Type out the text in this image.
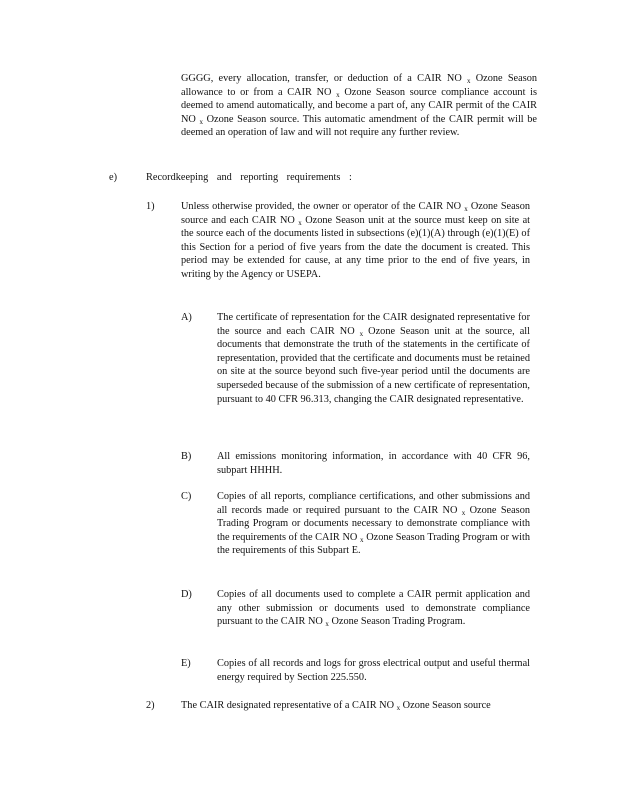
GGGG, every allocation, transfer, or deduction of a CAIR NO $_x$ Ozone Season allowance to or from a CAIR NO $_x$ Ozone Season source compliance account is deemed to amend automatically, and become a part of, any CAIR permit of the CAIR NO $_x$ Ozone Season source. This automatic amendment of the CAIR permit will be deemed an operation of law and will not require any further review.

e)	Recordkeeping and reporting requirements :
1)	Unless otherwise provided, the owner or operator of the CAIR NO $_x$ Ozone Season source and each CAIR NO $_x$ Ozone Season unit at the source must keep on site at the source each of the documents listed in subsections (e)(1)(A) through (e)(1)(E) of this Section for a period of five years from the date the document is created. This period may be extended for cause, at any time prior to the end of five years, in writing by the Agency or USEPA.

A) The certificate of representation for the CAIR designated representative for the source and each CAIR NO $_x$ Ozone Season unit at the source, all documents that demonstrate the truth of the statements in the certificate of representation, provided that the certificate and documents must be retained on site at the source beyond such five-year period until the documents are superseded because of the submission of a new certificate of representation, pursuant to 40 CFR 96.313, changing the CAIR designated representative.

B) All emissions monitoring information, in accordance with 40 CFR 96, subpart HHHH.

C) Copies of all reports, compliance certifications, and other submissions and all records made or required pursuant to the CAIR NO $_x$ Ozone Season Trading Program or documents necessary to demonstrate compliance with the requirements of the CAIR NO $_x$ Ozone Season Trading Program or with the requirements of this Subpart E.

D) Copies of all documents used to complete a CAIR permit application and any other submission or documents used to demonstrate compliance pursuant to the CAIR NO $_x$ Ozone Season Trading Program.

E)	Copies of all records and logs for gross electrical output and useful thermal energy required by Section 225.550.

2)	The CAIR designated representative of a CAIR NO $_x$ Ozone Season source
